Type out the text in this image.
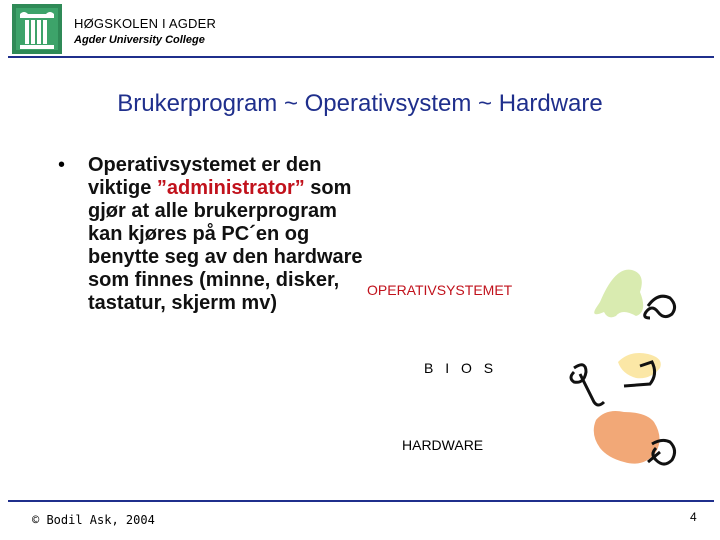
HØGSKOLEN I AGDER
Agder University College
Brukerprogram ~ Operativsystem ~ Hardware
• Operativsystemet er den viktige ”administrator” som gjør at alle brukerprogram kan kjøres på PC´en og benytte seg av den hardware som finnes (minne, disker, tastatur, skjerm mv)
OPERATIVSYSTEMET
B I O S
HARDWARE
© Bodil Ask, 2004	4
